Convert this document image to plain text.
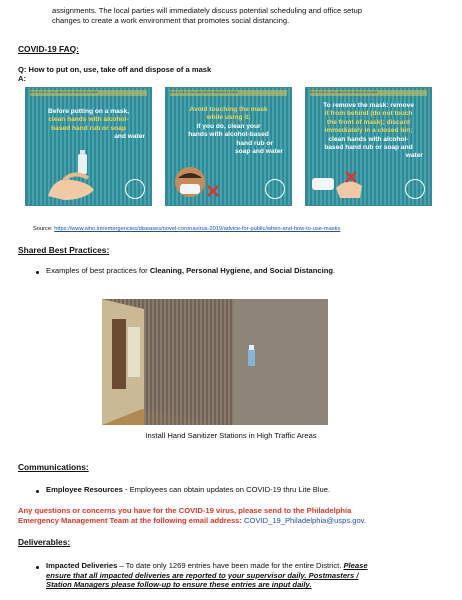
assignments. The local parties will immediately discuss potential scheduling and office setup
changes to create a work environment that promotes social distancing.
COVID-19 FAQ:
Q: How to put on, use, take off and dispose of a mask
A:
How to put on, use, take off and dispose of a mask
Before putting on a mask,
clean hands with alcohol-
based hand rub or soap
and water
How to put on, use, take off and dispose of a mask
Avoid touching the mask
while using it;
if you do, clean your
hands with alcohol-based
hand rub or
soap and water
How to put on, use, take off and dispose of a mask
To remove the mask: remove
it from behind (do not touch
the front of mask); discard
immediately in a closed bin;
clean hands with alcohol-
based hand rub or soap and
water
Source: https://www.who.int/emergencies/diseases/novel-coronavirus-2019/advice-for-public/when-and-how-to-use-masks
Shared Best Practices:
Examples of best practices for Cleaning, Personal Hygiene, and Social Distancing.
Install Hand Sanitizer Stations in High Traffic Areas
Communications:
Employee Resources - Employees can obtain updates on COVID-19 thru Lite Blue.
Any questions or concerns you have for the COVID-19 virus, please send to the Philadelphia
Emergency Management Team at the following email address: COVID_19_Philadelphia@usps.gov.
Deliverables:
Impacted Deliveries – To date only 1269 entries have been made for the entire District. Please
ensure that all impacted deliveries are reported to your supervisor daily. Postmasters /
Station Managers please follow-up to ensure these entries are input daily.
